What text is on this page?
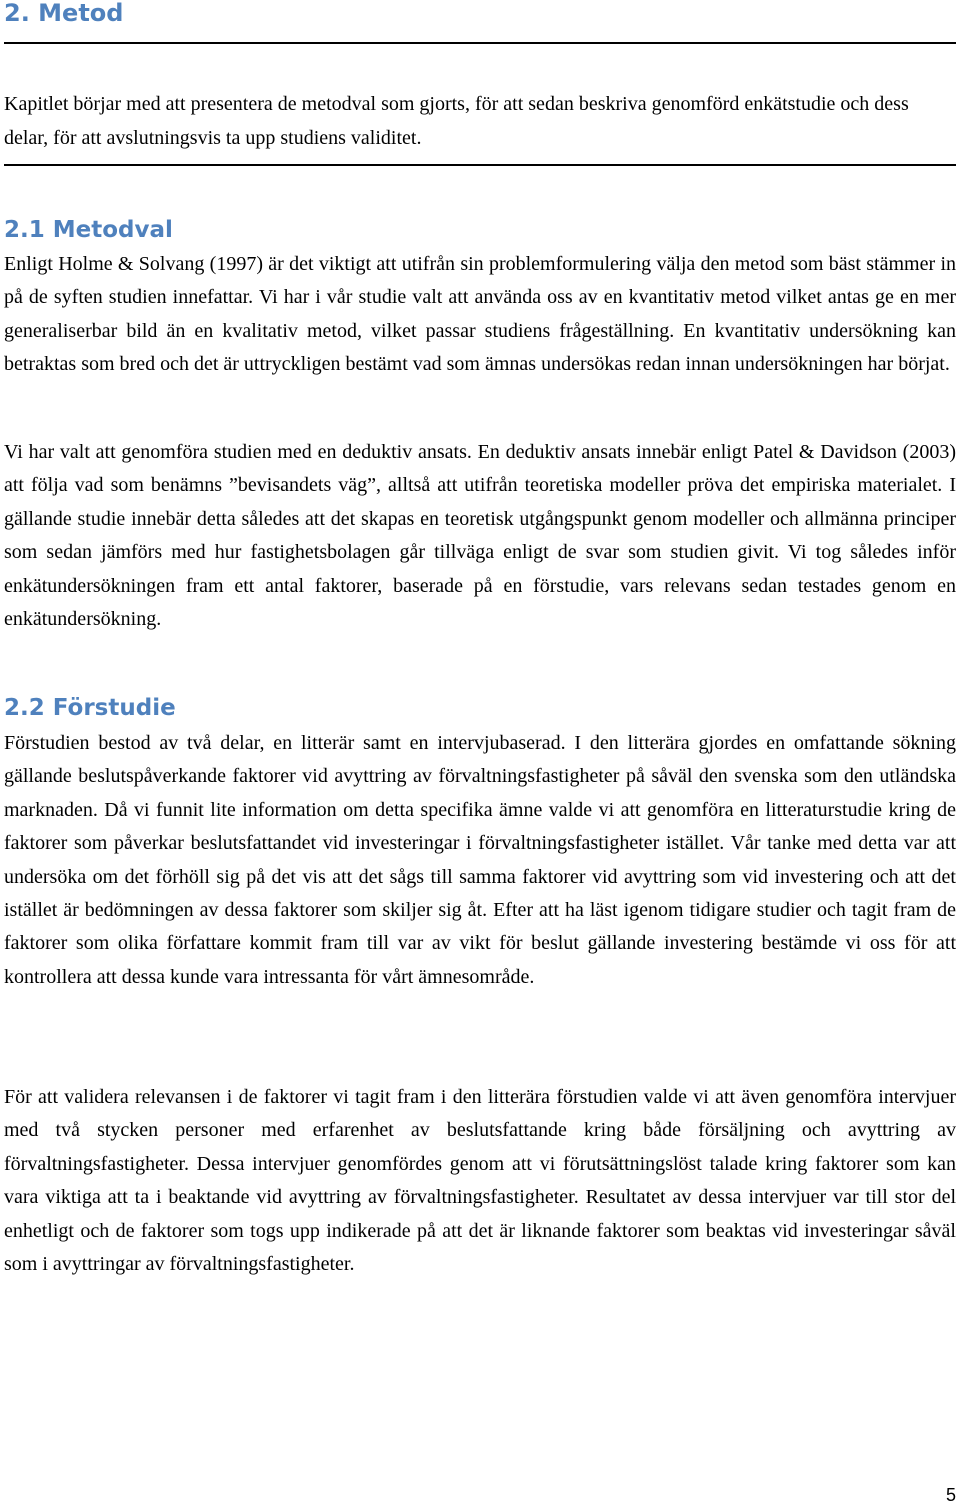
2. Metod

Kapitlet börjar med att presentera de metodval som gjorts, för att sedan beskriva genomförd enkätstudie och dess delar, för att avslutningsvis ta upp studiens validitet.

2.1 Metodval

Enligt Holme & Solvang (1997) är det viktigt att utifrån sin problemformulering välja den metod som bäst stämmer in på de syften studien innefattar. Vi har i vår studie valt att använda oss av en kvantitativ metod vilket antas ge en mer generaliserbar bild än en kvalitativ metod, vilket passar studiens frågeställning. En kvantitativ undersökning kan betraktas som bred och det är uttryckligen bestämt vad som ämnas undersökas redan innan undersökningen har börjat.

Vi har valt att genomföra studien med en deduktiv ansats. En deduktiv ansats innebär enligt Patel & Davidson (2003) att följa vad som benämns ”bevisandets väg”, alltså att utifrån teoretiska modeller pröva det empiriska materialet. I gällande studie innebär detta således att det skapas en teoretisk utgångspunkt genom modeller och allmänna principer som sedan jämförs med hur fastighetsbolagen går tillväga enligt de svar som studien givit. Vi tog således inför enkätundersökningen fram ett antal faktorer, baserade på en förstudie, vars relevans sedan testades genom en enkätundersökning.

2.2 Förstudie

Förstudien bestod av två delar, en litterär samt en intervjubaserad. I den litterära gjordes en omfattande sökning gällande beslutspåverkande faktorer vid avyttring av förvaltningsfastigheter på såväl den svenska som den utländska marknaden. Då vi funnit lite information om detta specifika ämne valde vi att genomföra en litteraturstudie kring de faktorer som påverkar beslutsfattandet vid investeringar i förvaltningsfastigheter istället. Vår tanke med detta var att undersöka om det förhöll sig på det vis att det sågs till samma faktorer vid avyttring som vid investering och att det istället är bedömningen av dessa faktorer som skiljer sig åt. Efter att ha läst igenom tidigare studier och tagit fram de faktorer som olika författare kommit fram till var av vikt för beslut gällande investering bestämde vi oss för att kontrollera att dessa kunde vara intressanta för vårt ämnesområde.

För att validera relevansen i de faktorer vi tagit fram i den litterära förstudien valde vi att även genomföra intervjuer med två stycken personer med erfarenhet av beslutsfattande kring både försäljning och avyttring av förvaltningsfastigheter. Dessa intervjuer genomfördes genom att vi förutsättningslöst talade kring faktorer som kan vara viktiga att ta i beaktande vid avyttring av förvaltningsfastigheter. Resultatet av dessa intervjuer var till stor del enhetligt och de faktorer som togs upp indikerade på att det är liknande faktorer som beaktas vid investeringar såväl som i avyttringar av förvaltningsfastigheter.

5
